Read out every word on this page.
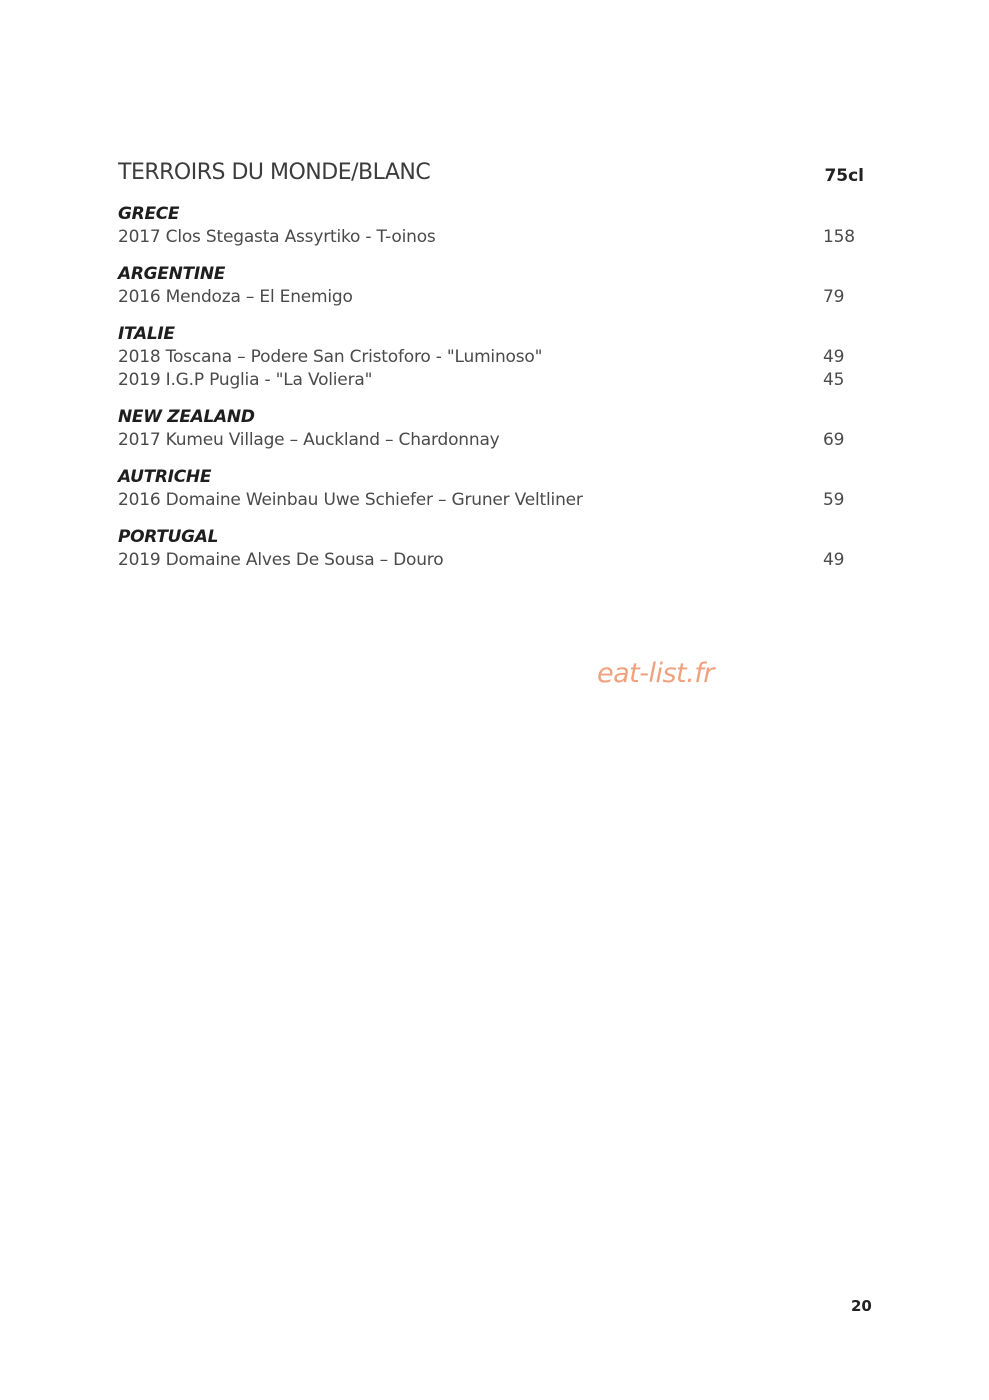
TERROIRS DU MONDE/BLANC	75cl
GRECE
2017 Clos Stegasta Assyrtiko - T-oinos	158
ARGENTINE
2016 Mendoza – El Enemigo	79
ITALIE
2018 Toscana – Podere San Cristoforo - "Luminoso"	49
2019 I.G.P Puglia - "La Voliera"	45
NEW ZEALAND
2017 Kumeu Village – Auckland – Chardonnay	69
AUTRICHE
2016 Domaine Weinbau Uwe Schiefer – Gruner Veltliner	59
PORTUGAL
2019 Domaine Alves De Sousa – Douro	49
eat-list.fr
20
